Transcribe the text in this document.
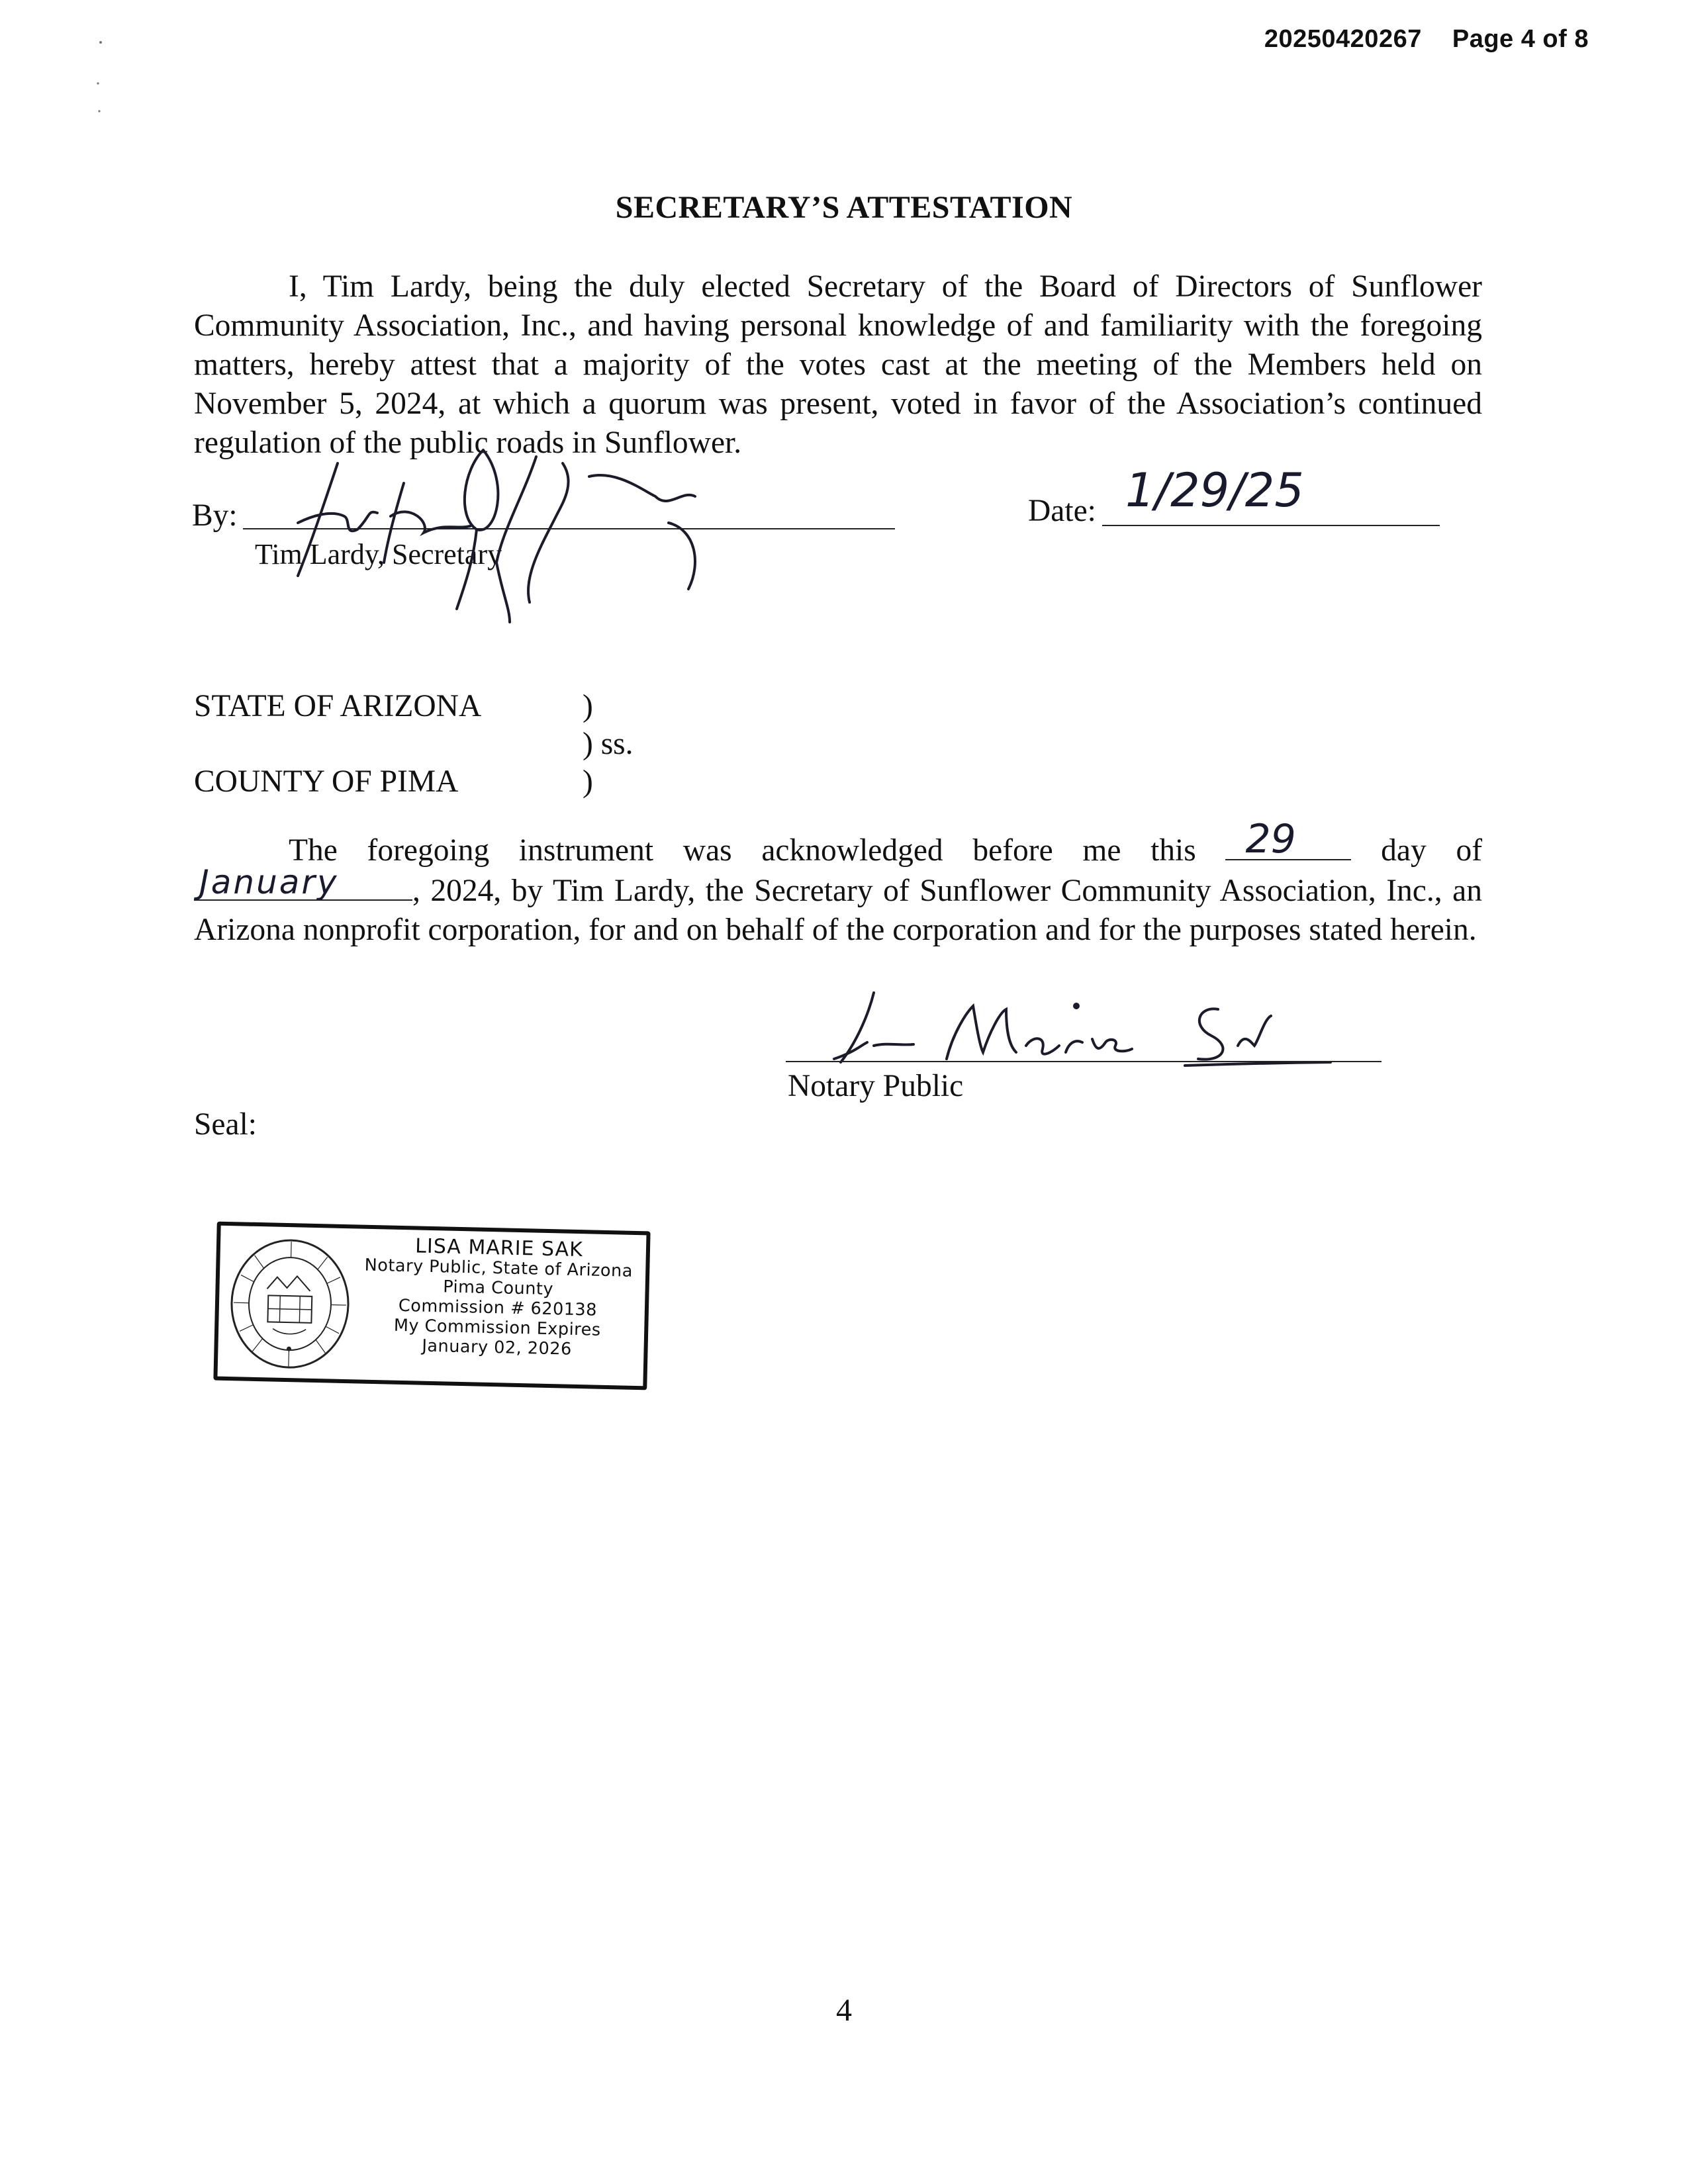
20250420267 Page 4 of 8
SECRETARY’S ATTESTATION
I, Tim Lardy, being the duly elected Secretary of the Board of Directors of Sunflower Community Association, Inc., and having personal knowledge of and familiarity with the foregoing matters, hereby attest that a majority of the votes cast at the meeting of the Members held on November 5, 2024, at which a quorum was present, voted in favor of the Association’s continued regulation of the public roads in Sunflower.
By:
Tim Lardy, Secretary
Date: 1/29/25
STATE OF ARIZONA
COUNTY OF PIMA
)
) ss.
)
The foregoing instrument was acknowledged before me this 29	day of
January , 2024, by Tim Lardy, the Secretary of Sunflower Community Association, Inc., an Arizona nonprofit corporation, for and on behalf of the corporation and for the purposes stated herein.
Notary Public
Seal:
LISA MARIE SAK
Notary Public, State of Arizona
Pima County
Commission # 620138
My Commission Expires
January 02, 2026
4
